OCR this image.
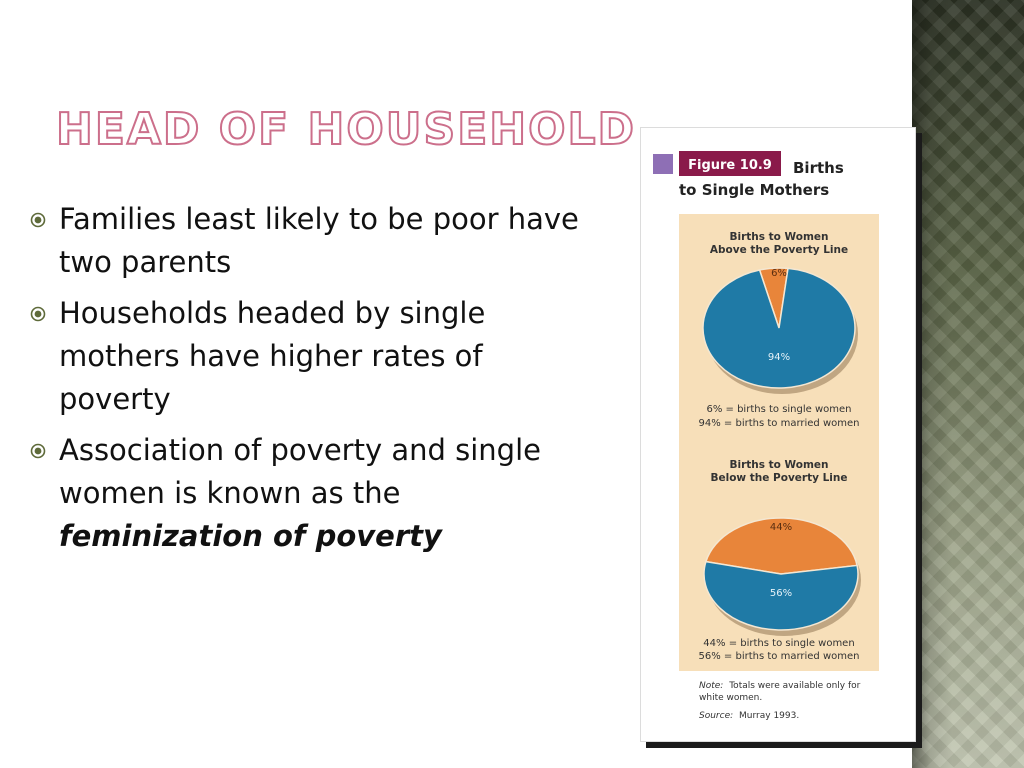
HEAD OF HOUSEHOLD
Families least likely to be poor have two parents
Households headed by single mothers have higher rates of poverty
Association of poverty and single women is known as the feminization of poverty
Figure 10.9 Births
to Single Mothers
Births to Women
Above the Poverty Line
6%
94%
6% = births to single women
94% = births to married women
Births to Women
Below the Poverty Line
44%
56%
44% = births to single women
56% = births to married women
Note: Totals were available only for
white women.
Source: Murray 1993.
